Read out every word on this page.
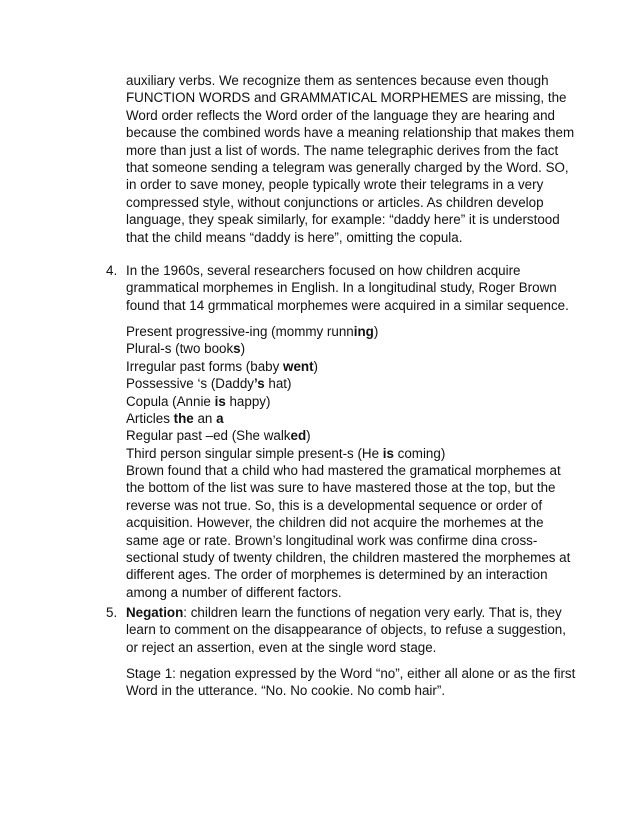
auxiliary verbs. We recognize them as sentences because even though
FUNCTION WORDS and GRAMMATICAL MORPHEMES are missing, the
Word order reflects the Word order of the language they are hearing and
because the combined words have a meaning relationship that makes them
more than just a list of words. The name telegraphic derives from the fact
that someone sending a telegram was generally charged by the Word. SO,
in order to save money, people typically wrote their telegrams in a very
compressed style, without conjunctions or articles. As children develop
language, they speak similarly, for example: “daddy here” it is understood
that the child means “daddy is here”, omitting the copula.
4. In the 1960s, several researchers focused on how children acquire
grammatical morphemes in English. In a longitudinal study, Roger Brown
found that 14 grmmatical morphemes were acquired in a similar sequence.
Present progressive-ing (mommy running)
Plural-s (two books)
Irregular past forms (baby went)
Possessive ‘s (Daddy’s hat)
Copula (Annie is happy)
Articles the an a
Regular past –ed (She walked)
Third person singular simple present-s (He is coming)
Brown found that a child who had mastered the gramatical morphemes at
the bottom of the list was sure to have mastered those at the top, but the
reverse was not true. So, this is a developmental sequence or order of
acquisition. However, the children did not acquire the morhemes at the
same age or rate. Brown’s longitudinal work was confirme dina cross-
sectional study of twenty children, the children mastered the morphemes at
different ages. The order of morphemes is determined by an interaction
among a number of different factors.
5. Negation: children learn the functions of negation very early. That is, they
learn to comment on the disappearance of objects, to refuse a suggestion,
or reject an assertion, even at the single word stage.
Stage 1: negation expressed by the Word “no”, either all alone or as the first
Word in the utterance. “No. No cookie. No comb hair”.
